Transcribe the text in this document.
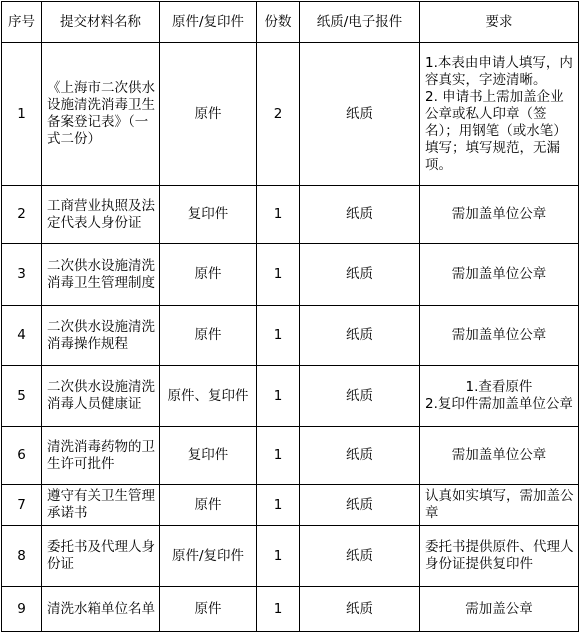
序号	提交材料名称	原件/复印件	份数	纸质/电子报件	要求
1	《上海市二次供水设施清洗消毒卫生备案登记表》（一式二份）	原件	2	纸质	1.本表由申请人填写，内容真实，字迹清晰。
2. 申请书上需加盖企业公章或私人印章（签名）；用钢笔（或水笔）填写；填写规范，无漏项。

2	工商营业执照及法定代表人身份证	复印件	1	纸质	需加盖单位公章

3	二次供水设施清洗消毒卫生管理制度	原件	1	纸质	需加盖单位公章

4	二次供水设施清洗消毒操作规程	原件	1	纸质	需加盖单位公章

5	二次供水设施清洗消毒人员健康证	原件、复印件	1	纸质	1.查看原件
2.复印件需加盖单位公章

6	清洗消毒药物的卫生许可批件	复印件	1	纸质	需加盖单位公章

7	遵守有关卫生管理承诺书	原件	1	纸质	认真如实填写，需加盖公章

8	委托书及代理人身份证	原件/复印件	1	纸质	委托书提供原件、代理人身份证提供复印件

9	清洗水箱单位名单	原件	1	纸质	需加盖公章
